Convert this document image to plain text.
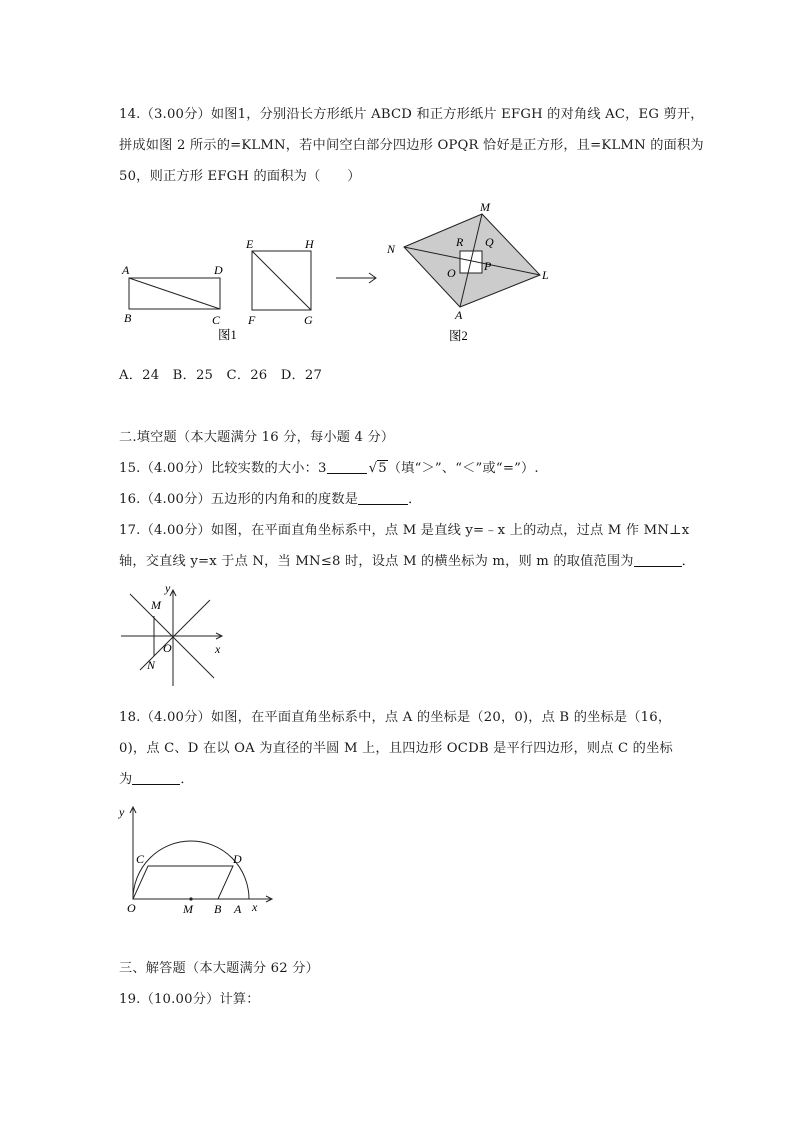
14.（3.00分）如图1，分别沿长方形纸片 ABCD 和正方形纸片 EFGH 的对角线 AC，EG 剪开，
拼成如图 2 所示的=KLMN，若中间空白部分四边形 OPQR 恰好是正方形，且=KLMN 的面积为
50，则正方形 EFGH 的面积为（　　）
A	D
B	C
E	H
F	G
图1
M
N	R Q
O P
L
A
图2
A．24　B．25　C．26　D．27
二.填空题（本大题满分 16 分，每小题 4 分）
15.（4.00分）比较实数的大小：3	√5（填“＞”、“＜”或“=”）.
16.（4.00分）五边形的内角和的度数是	．
17.（4.00分）如图，在平面直角坐标系中，点 M 是直线 y=﹣x 上的动点，过点 M 作 MN⊥x
轴，交直线 y=x 于点 N，当 MN≤8 时，设点 M 的横坐标为 m，则 m 的取值范围为	．
y
M
O	x
N
18.（4.00分）如图，在平面直角坐标系中，点 A 的坐标是（20，0)，点 B 的坐标是（16，
0)，点 C、D 在以 OA 为直径的半圆 M 上，且四边形 OCDB 是平行四边形，则点 C 的坐标
为	．
y
C	D
O	M B A x
三、解答题（本大题满分 62 分）
19.（10.00分）计算：
